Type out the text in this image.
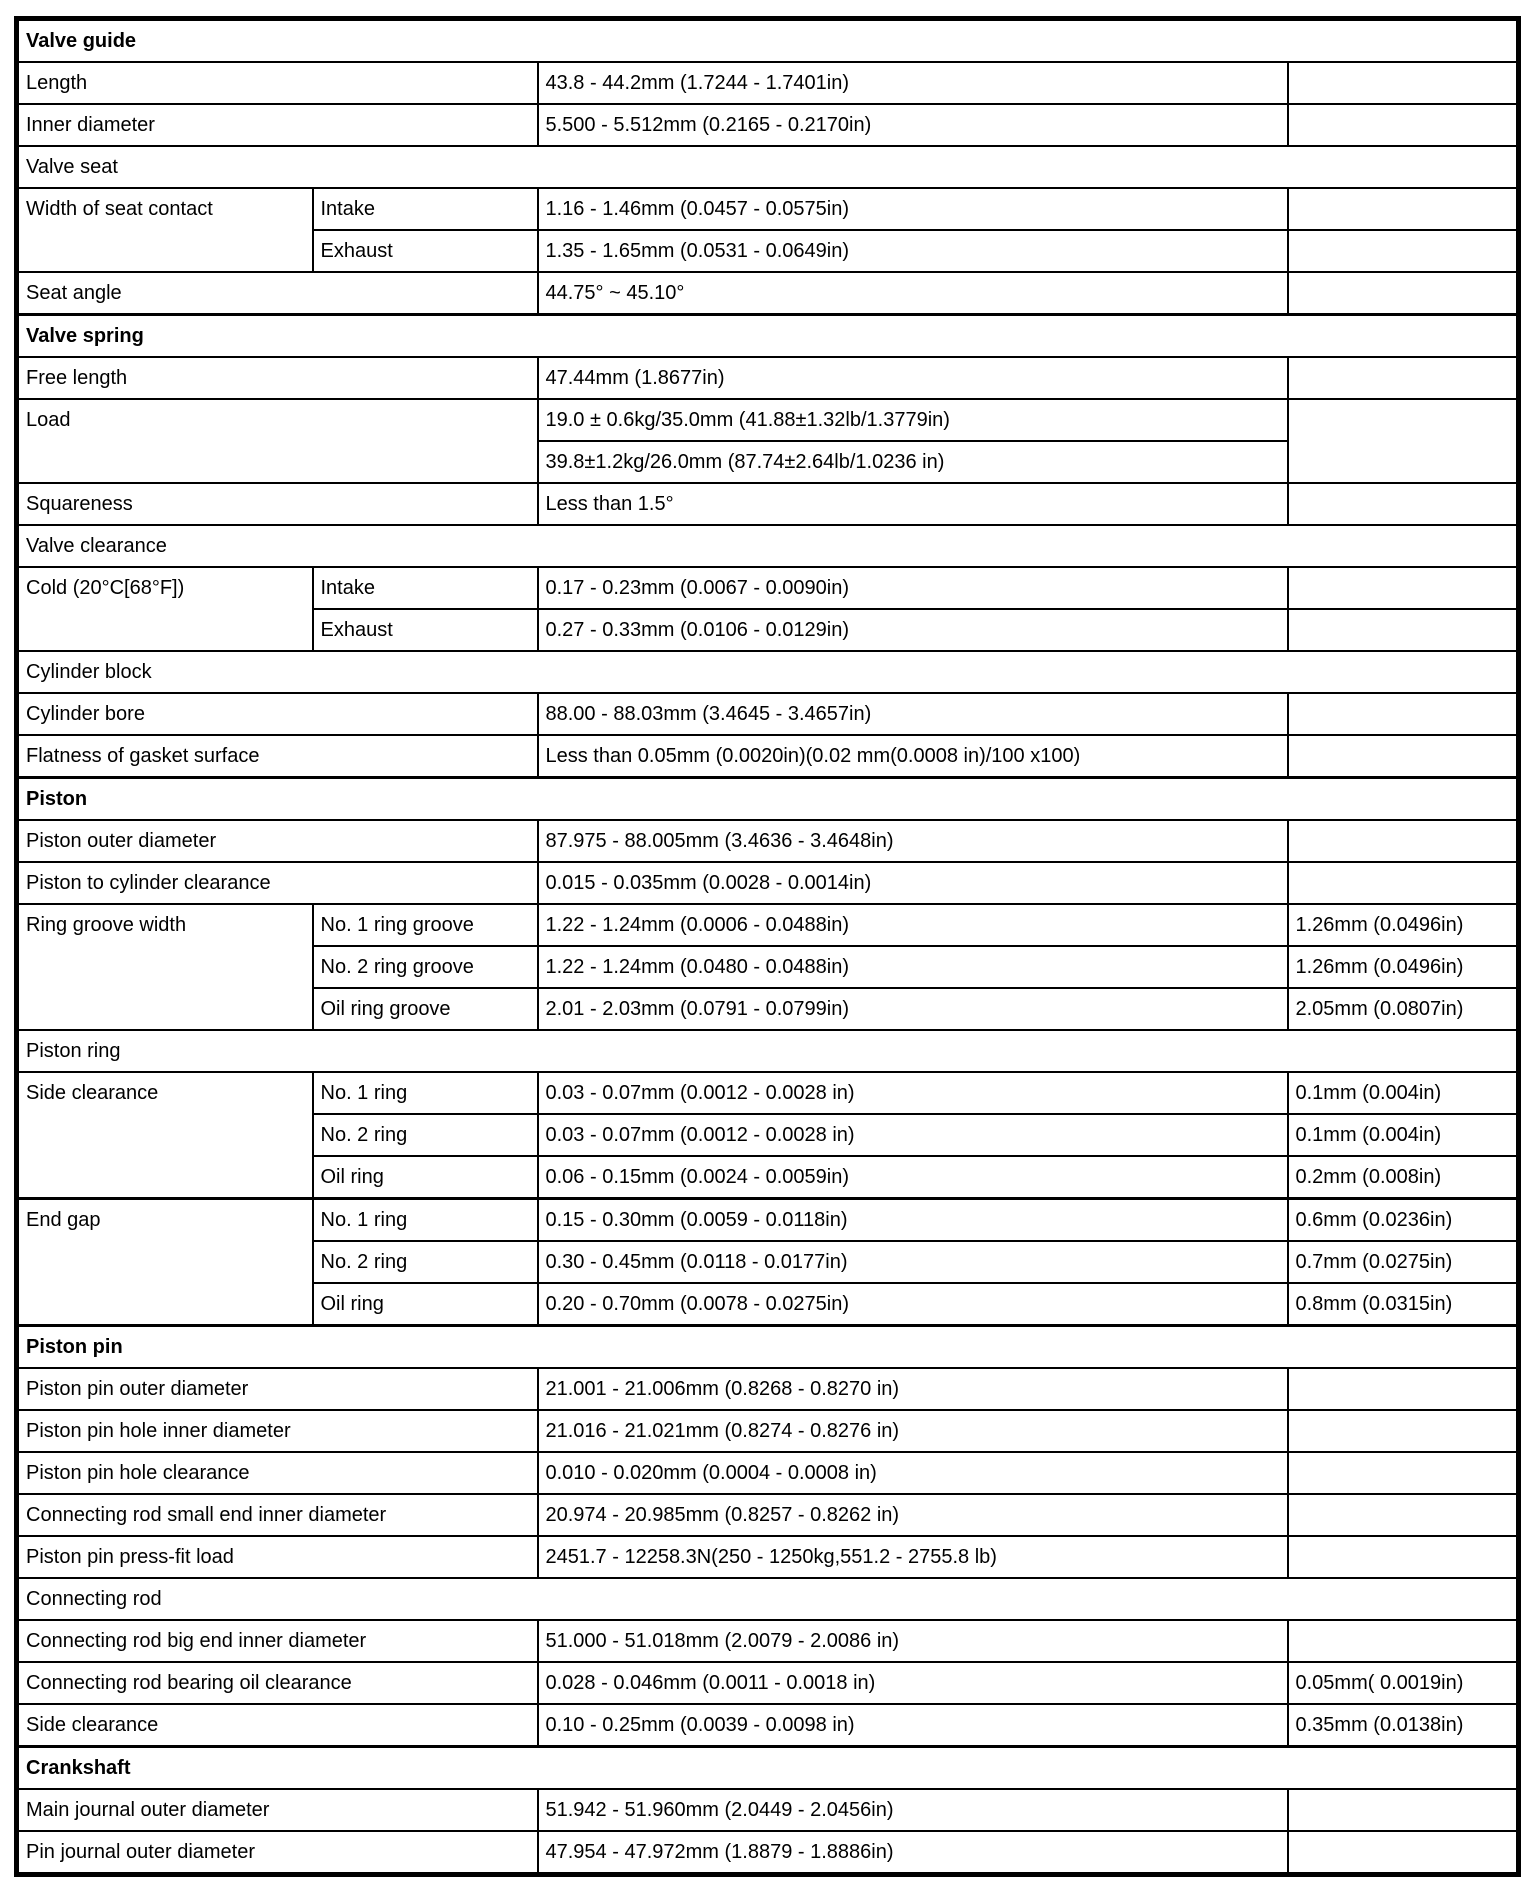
Valve guide			
Length		43.8 - 44.2mm (1.7244 - 1.7401in)	
Inner diameter		5.500 - 5.512mm (0.2165 - 0.2170in)	
Valve seat			
Width of seat contact	Intake	1.16 - 1.46mm (0.0457 - 0.0575in)	
	Exhaust	1.35 - 1.65mm (0.0531 - 0.0649in)	
Seat angle		44.75° ~ 45.10°	
Valve spring			
Free length		47.44mm (1.8677in)	
Load		19.0 ± 0.6kg/35.0mm (41.88±1.32lb/1.3779in)	
		39.8±1.2kg/26.0mm (87.74±2.64lb/1.0236 in)	
Squareness		Less than 1.5°	
Valve clearance			
Cold (20°C[68°F])	Intake	0.17 - 0.23mm (0.0067 - 0.0090in)	
	Exhaust	0.27 - 0.33mm (0.0106 - 0.0129in)	
Cylinder block			
Cylinder bore		88.00 - 88.03mm (3.4645 - 3.4657in)	
Flatness of gasket surface		Less than 0.05mm (0.0020in)(0.02 mm(0.0008 in)/100 x100)	
Piston			
Piston outer diameter		87.975 - 88.005mm (3.4636 - 3.4648in)	
Piston to cylinder clearance		0.015 - 0.035mm (0.0028 - 0.0014in)	
Ring groove width	No. 1 ring groove	1.22 - 1.24mm (0.0006 - 0.0488in)	1.26mm (0.0496in)
	No. 2 ring groove	1.22 - 1.24mm (0.0480 - 0.0488in)	1.26mm (0.0496in)
	Oil ring groove	2.01 - 2.03mm (0.0791 - 0.0799in)	2.05mm (0.0807in)
Piston ring			
Side clearance	No. 1 ring	0.03 - 0.07mm (0.0012 - 0.0028 in)	0.1mm (0.004in)
	No. 2 ring	0.03 - 0.07mm (0.0012 - 0.0028 in)	0.1mm (0.004in)
	Oil ring	0.06 - 0.15mm (0.0024 - 0.0059in)	0.2mm (0.008in)
End gap	No. 1 ring	0.15 - 0.30mm (0.0059 - 0.0118in)	0.6mm (0.0236in)
	No. 2 ring	0.30 - 0.45mm (0.0118 - 0.0177in)	0.7mm (0.0275in)
	Oil ring	0.20 - 0.70mm (0.0078 - 0.0275in)	0.8mm (0.0315in)
Piston pin			
Piston pin outer diameter		21.001 - 21.006mm (0.8268 - 0.8270 in)	
Piston pin hole inner diameter		21.016 - 21.021mm (0.8274 - 0.8276 in)	
Piston pin hole clearance		0.010 - 0.020mm (0.0004 - 0.0008 in)	
Connecting rod small end inner diameter		20.974 - 20.985mm (0.8257 - 0.8262 in)	
Piston pin press-fit load		2451.7 - 12258.3N(250 - 1250kg,551.2 - 2755.8 lb)	
Connecting rod			
Connecting rod big end inner diameter		51.000 - 51.018mm (2.0079 - 2.0086 in)	
Connecting rod bearing oil clearance		0.028 - 0.046mm (0.0011 - 0.0018 in)	0.05mm( 0.0019in)
Side clearance		0.10 - 0.25mm (0.0039 - 0.0098 in)	0.35mm (0.0138in)
Crankshaft			
Main journal outer diameter		51.942 - 51.960mm (2.0449 - 2.0456in)	
Pin journal outer diameter		47.954 - 47.972mm (1.8879 - 1.8886in)	
